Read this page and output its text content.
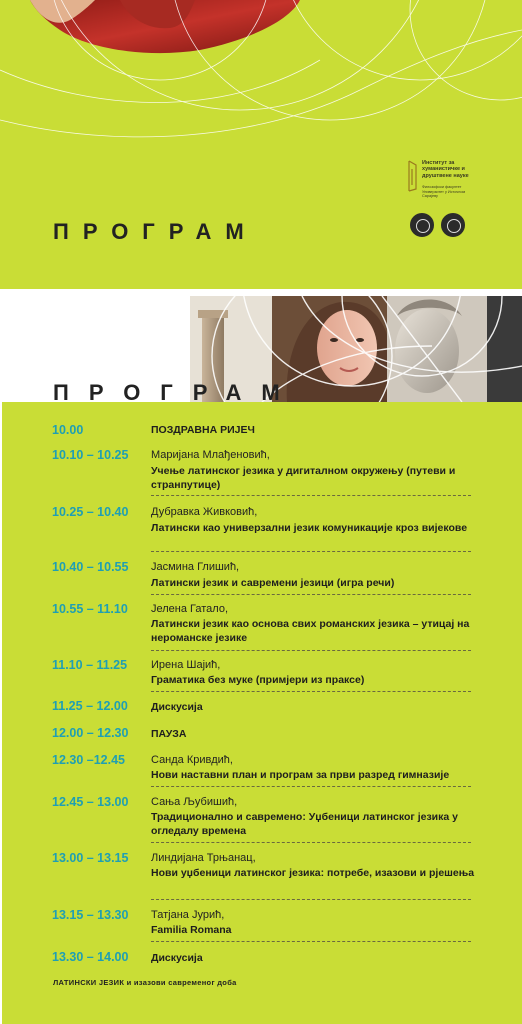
ПРОГРАМ
Институт за хуманистичке и друштвене науке
Филозофски факултет Универзитет у Источном Сарајеву
ПРОГРАМ
10.00	ПОЗДРАВНА РИЈЕЧ
10.10 – 10.25 Маријана Млађеновић,
Учење латинског језика у дигиталном окружењу (путеви и странпутице)
10.25 – 10.40 Дубравка Живковић,
Латински као универзални језик комуникације кроз вијекове
10.40 – 10.55 Јасмина Глишић,
Латински језик и савремени језици (игра речи)
10.55 – 11.10 Јелена Гатало,
Латински језик као основа свих романских језика – утицај на нероманске језике
11.10 – 11.25 Ирена Шајић,
Граматика без муке (примјери из праксе)
11.25 – 12.00 Дискусија
12.00 – 12.30 ПАУЗА
12.30 –12.45 Санда Кривдић,
Нови наставни план и програм за први разред гимназије
12.45 – 13.00 Сања Љубишић,
Традиционално и савремено: Уџбеници латинског језика у огледалу времена
13.00 – 13.15 Линдијана Трњанац,
Нови уџбеници латинског језика: потребе, изазови и рјешења
13.15 – 13.30 Татјана Јурић,
Familia Romana
13.30 – 14.00 Дискусија
ЛАТИНСКИ ЈЕЗИК и изазови савременог доба
